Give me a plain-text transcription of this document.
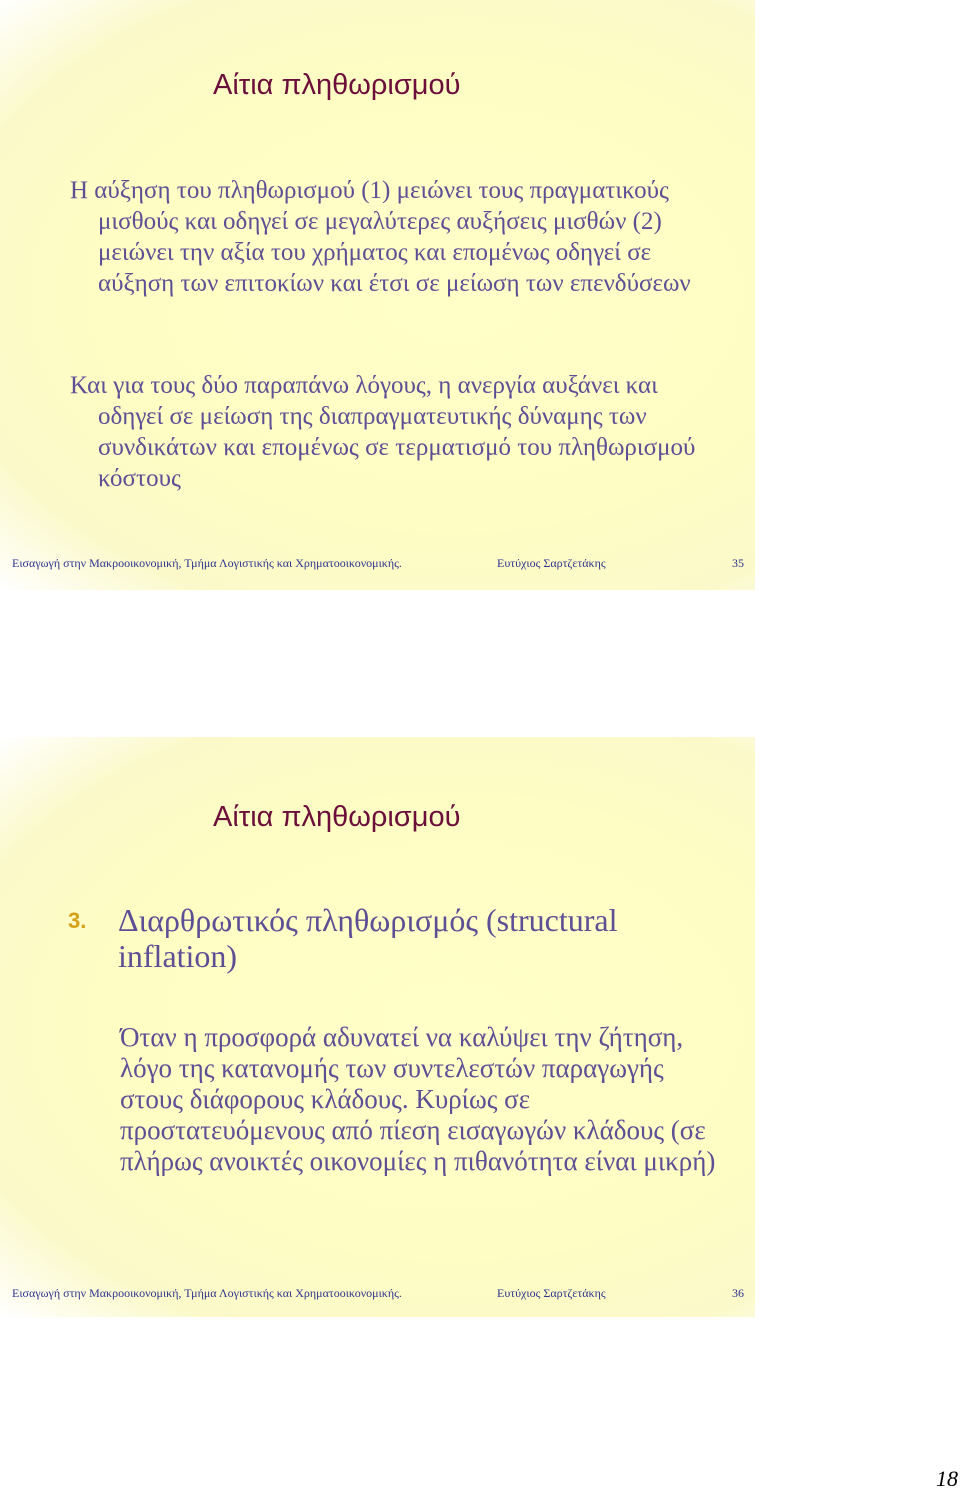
Αίτια πληθωρισμού

Η αύξηση του πληθωρισμού (1) μειώνει τους πραγματικούς μισθούς και οδηγεί σε μεγαλύτερες αυξήσεις μισθών (2) μειώνει την αξία του χρήματος και επομένως οδηγεί σε αύξηση των επιτοκίων και έτσι σε μείωση των επενδύσεων

Και για τους δύο παραπάνω λόγους, η ανεργία αυξάνει και οδηγεί σε μείωση της διαπραγματευτικής δύναμης των συνδικάτων και επομένως σε τερματισμό του πληθωρισμού κόστους

Εισαγωγή στην Μακροοικονομική, Τμήμα Λογιστικής και Χρηματοοικονομικής.	Ευτύχιος Σαρτζετάκης	35
Αίτια πληθωρισμού

3. Διαρθρωτικός πληθωρισμός (structural inflation)

Όταν η προσφορά αδυνατεί να καλύψει την ζήτηση, λόγο της κατανομής των συντελεστών παραγωγής στους διάφορους κλάδους. Κυρίως σε προστατευόμενους από πίεση εισαγωγών κλάδους (σε πλήρως ανοικτές οικονομίες η πιθανότητα είναι μικρή)

Εισαγωγή στην Μακροοικονομική, Τμήμα Λογιστικής και Χρηματοοικονομικής.	Ευτύχιος Σαρτζετάκης	36
18
